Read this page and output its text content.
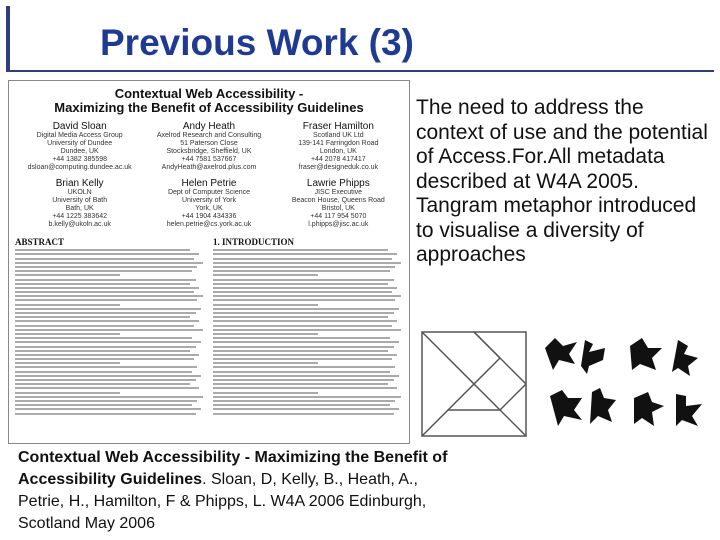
Previous Work (3)
Contextual Web Accessibility -
Maximizing the Benefit of Accessibility Guidelines
David Sloan
Digital Media Access Group
University of Dundee
Dundee, UK
+44 1382 385598
dsloan@computing.dundee.ac.uk
Andy Heath
Axelrod Research and Consulting
51 Paterson Close
Stocksbridge, Sheffield, UK
+44 7581 537667
AndyHeath@axelrod.plus.com
Fraser Hamilton
Scotland UK Ltd
139-141 Farringdon Road
London, UK
+44 2078 417417
fraser@designeduk.co.uk
Brian Kelly
UKOLN
University of Bath
Bath, UK
+44 1225 383642
b.kelly@ukoln.ac.uk
Helen Petrie
Dept of Computer Science
University of York
York, UK
+44 1904 434336
helen.petrie@cs.york.ac.uk
Lawrie Phipps
JISC Executive
Beacon House, Queens Road
Bristol, UK
+44 117 954 5070
l.phipps@jisc.ac.uk
ABSTRACT	1. INTRODUCTION

The need to address the context of use and the potential of Access.For.All metadata described at W4A 2005.

Tangram metaphor introduced to visualise a diversity of approaches

Contextual Web Accessibility - Maximizing the Benefit of Accessibility Guidelines. Sloan, D, Kelly, B., Heath, A., Petrie, H., Hamilton, F & Phipps, L. W4A 2006 Edinburgh, Scotland May 2006
